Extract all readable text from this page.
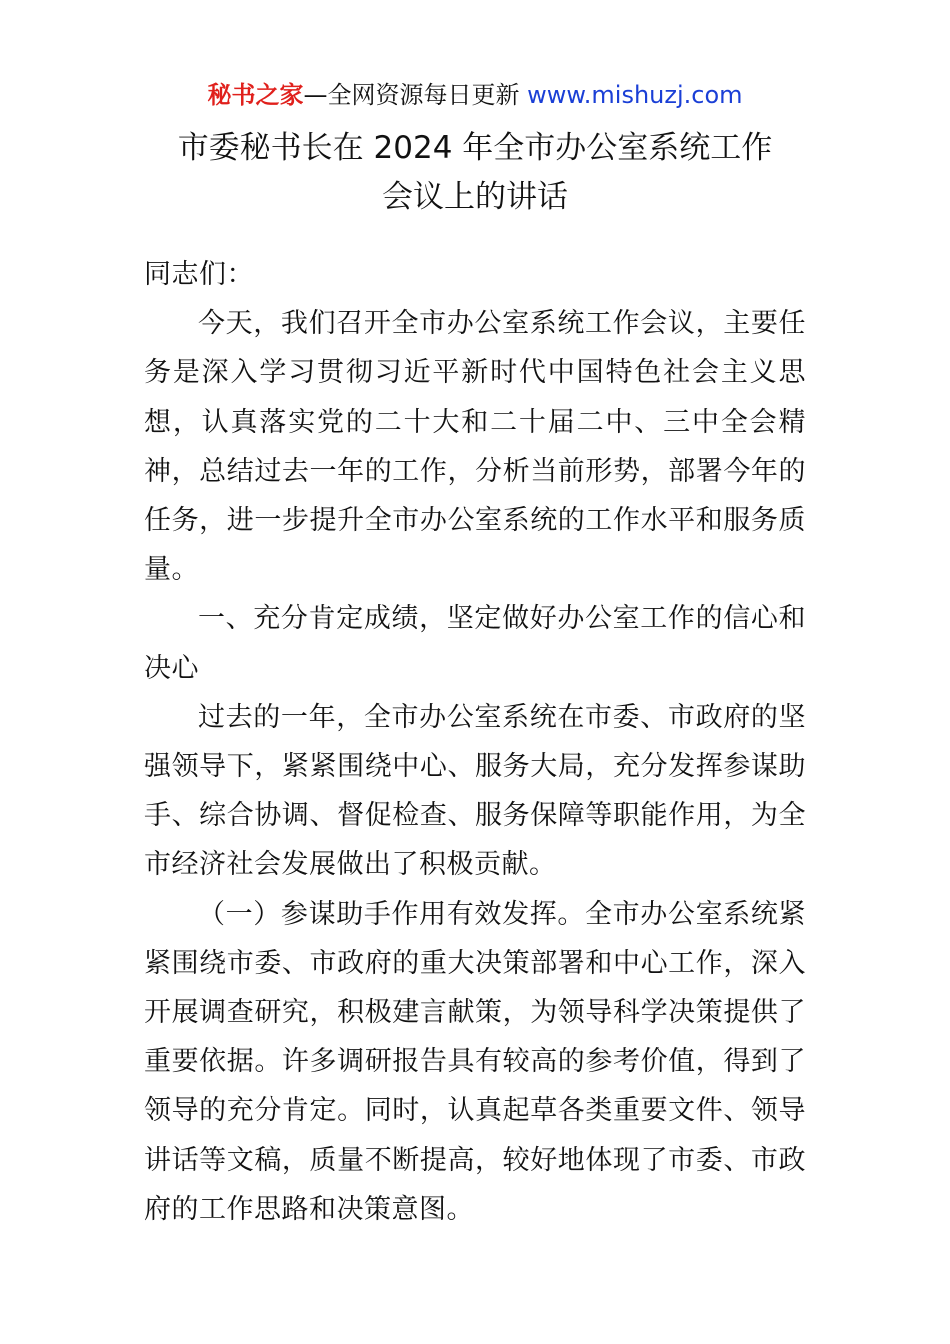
秘书之家—全网资源每日更新 www.mishuzj.com
市委秘书长在 2024 年全市办公室系统工作
会议上的讲话

同志们：

今天，我们召开全市办公室系统工作会议，主要任务是深入学习贯彻习近平新时代中国特色社会主义思想，认真落实党的二十大和二十届二中、三中全会精神，总结过去一年的工作，分析当前形势，部署今年的任务，进一步提升全市办公室系统的工作水平和服务质量。

一、充分肯定成绩，坚定做好办公室工作的信心和决心

过去的一年，全市办公室系统在市委、市政府的坚强领导下，紧紧围绕中心、服务大局，充分发挥参谋助手、综合协调、督促检查、服务保障等职能作用，为全市经济社会发展做出了积极贡献。

（一）参谋助手作用有效发挥。全市办公室系统紧紧围绕市委、市政府的重大决策部署和中心工作，深入开展调查研究，积极建言献策，为领导科学决策提供了重要依据。许多调研报告具有较高的参考价值，得到了领导的充分肯定。同时，认真起草各类重要文件、领导讲话等文稿，质量不断提高，较好地体现了市委、市政府的工作思路和决策意图。
